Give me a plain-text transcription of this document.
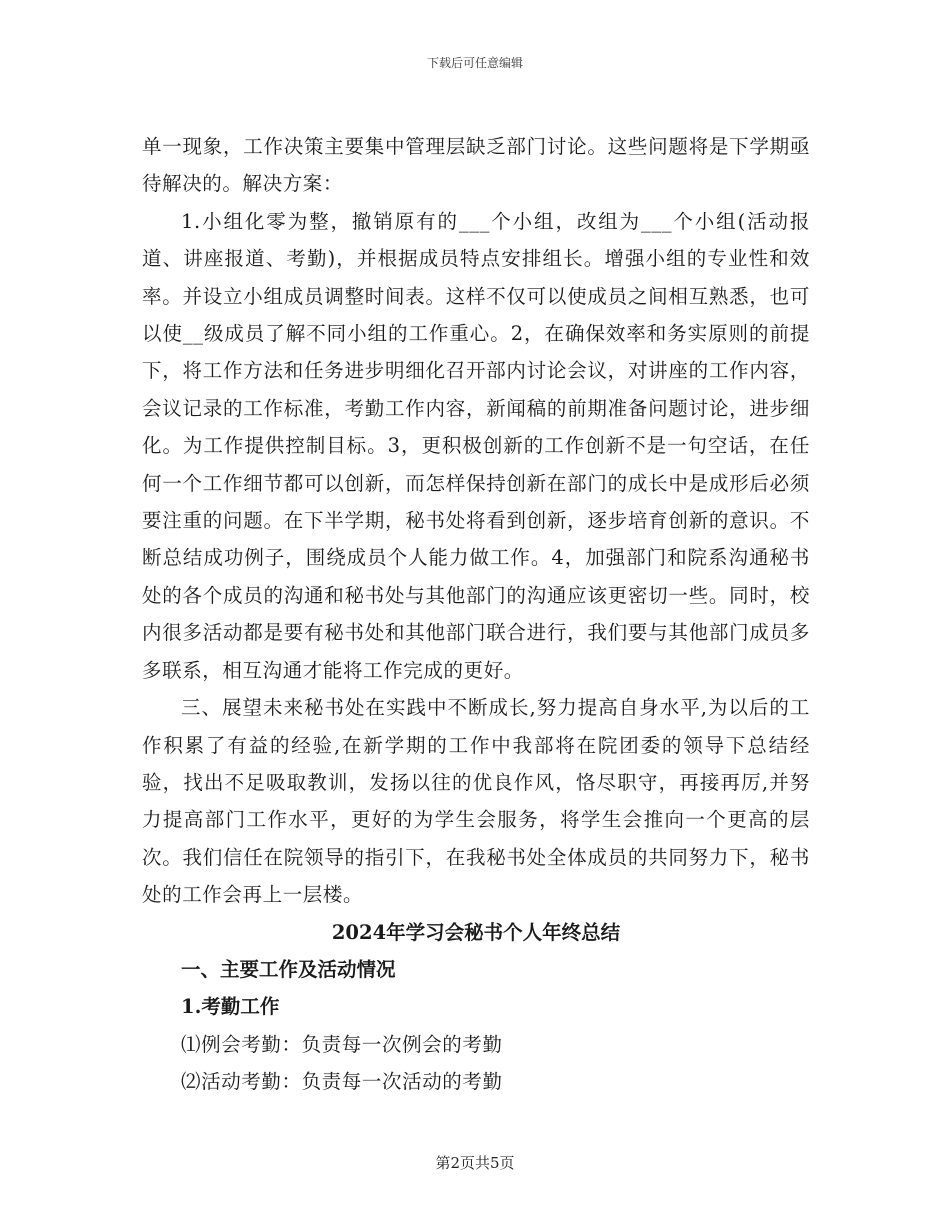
下载后可任意编辑

单一现象，工作决策主要集中管理层缺乏部门讨论。这些问题将是下学期亟待解决的。解决方案：

1.小组化零为整，撤销原有的___个小组，改组为___个小组(活动报道、讲座报道、考勤)，并根据成员特点安排组长。增强小组的专业性和效率。并设立小组成员调整时间表。这样不仅可以使成员之间相互熟悉，也可以使__级成员了解不同小组的工作重心。2，在确保效率和务实原则的前提下，将工作方法和任务进步明细化召开部内讨论会议，对讲座的工作内容，会议记录的工作标准，考勤工作内容，新闻稿的前期准备问题讨论，进步细化。为工作提供控制目标。3，更积极创新的工作创新不是一句空话，在任何一个工作细节都可以创新，而怎样保持创新在部门的成长中是成形后必须要注重的问题。在下半学期，秘书处将看到创新，逐步培育创新的意识。不断总结成功例子，围绕成员个人能力做工作。4，加强部门和院系沟通秘书处的各个成员的沟通和秘书处与其他部门的沟通应该更密切一些。同时，校内很多活动都是要有秘书处和其他部门联合进行，我们要与其他部门成员多多联系，相互沟通才能将工作完成的更好。

三、展望未来秘书处在实践中不断成长,努力提高自身水平,为以后的工作积累了有益的经验,在新学期的工作中我部将在院团委的领导下总结经验，找出不足吸取教训，发扬以往的优良作风，恪尽职守，再接再厉,并努力提高部门工作水平，更好的为学生会服务，将学生会推向一个更高的层次。我们信任在院领导的指引下，在我秘书处全体成员的共同努力下，秘书处的工作会再上一层楼。

2024年学习会秘书个人年终总结

一、主要工作及活动情况

1.考勤工作

⑴例会考勤：负责每一次例会的考勤

⑵活动考勤：负责每一次活动的考勤

第2页共5页
